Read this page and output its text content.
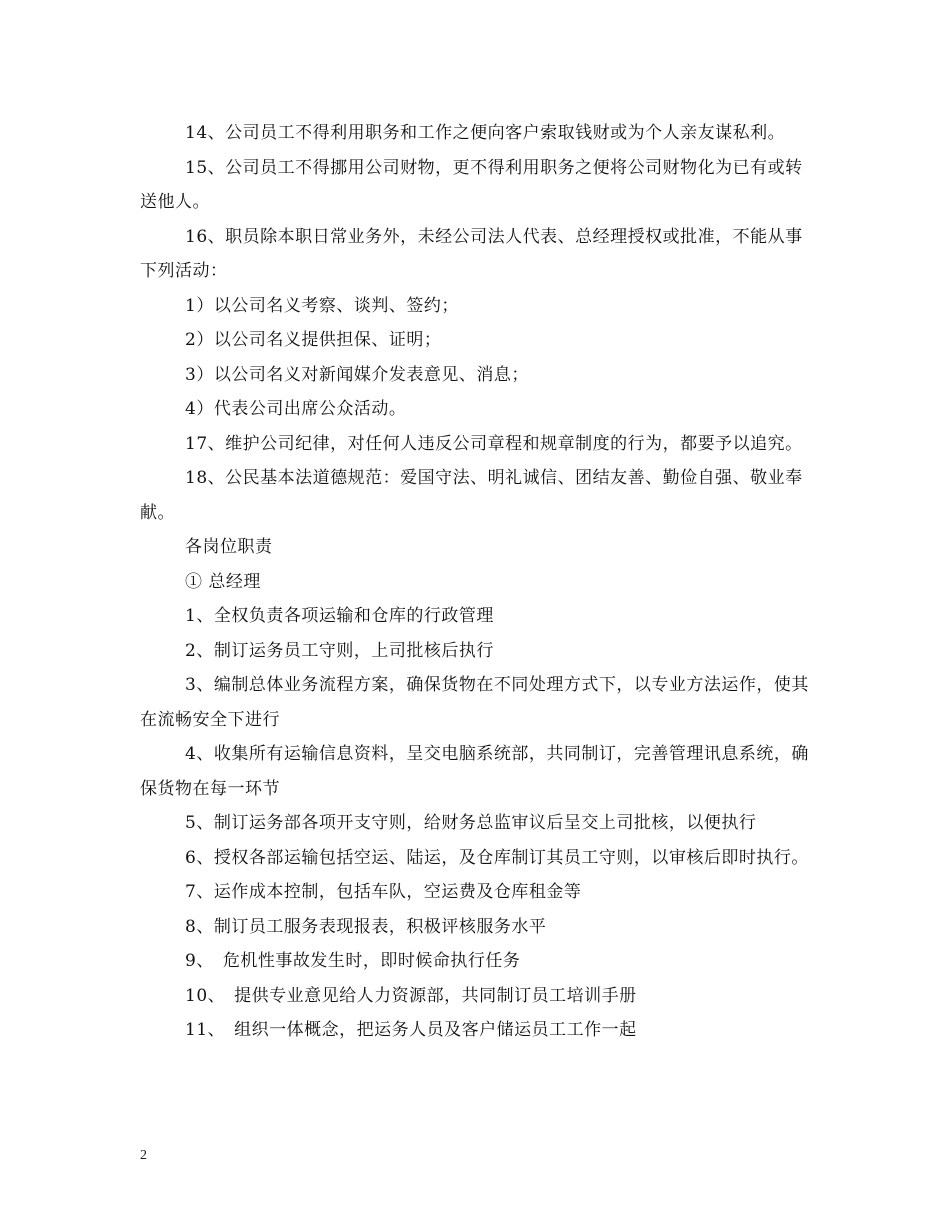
14、公司员工不得利用职务和工作之便向客户索取钱财或为个人亲友谋私利。

15、公司员工不得挪用公司财物，更不得利用职务之便将公司财物化为已有或转送他人。

16、职员除本职日常业务外，未经公司法人代表、总经理授权或批准，不能从事下列活动：

1）以公司名义考察、谈判、签约；

2）以公司名义提供担保、证明；

3）以公司名义对新闻媒介发表意见、消息；

4）代表公司出席公众活动。

17、维护公司纪律，对任何人违反公司章程和规章制度的行为，都要予以追究。

18、公民基本法道德规范：爱国守法、明礼诚信、团结友善、勤俭自强、敬业奉献。

各岗位职责

① 总经理

1、全权负责各项运输和仓库的行政管理

2、制订运务员工守则，上司批核后执行

3、编制总体业务流程方案，确保货物在不同处理方式下，以专业方法运作，使其在流畅安全下进行

4、收集所有运输信息资料，呈交电脑系统部，共同制订，完善管理讯息系统，确保货物在每一环节

5、制订运务部各项开支守则，给财务总监审议后呈交上司批核，以便执行

6、授权各部运输包括空运、陆运，及仓库制订其员工守则，以审核后即时执行。

7、运作成本控制，包括车队，空运费及仓库租金等

8、制订员工服务表现报表，积极评核服务水平

9、　危机性事故发生时，即时候命执行任务

10、　提供专业意见给人力资源部，共同制订员工培训手册

11、　组织一体概念，把运务人员及客户储运员工工作一起

2
